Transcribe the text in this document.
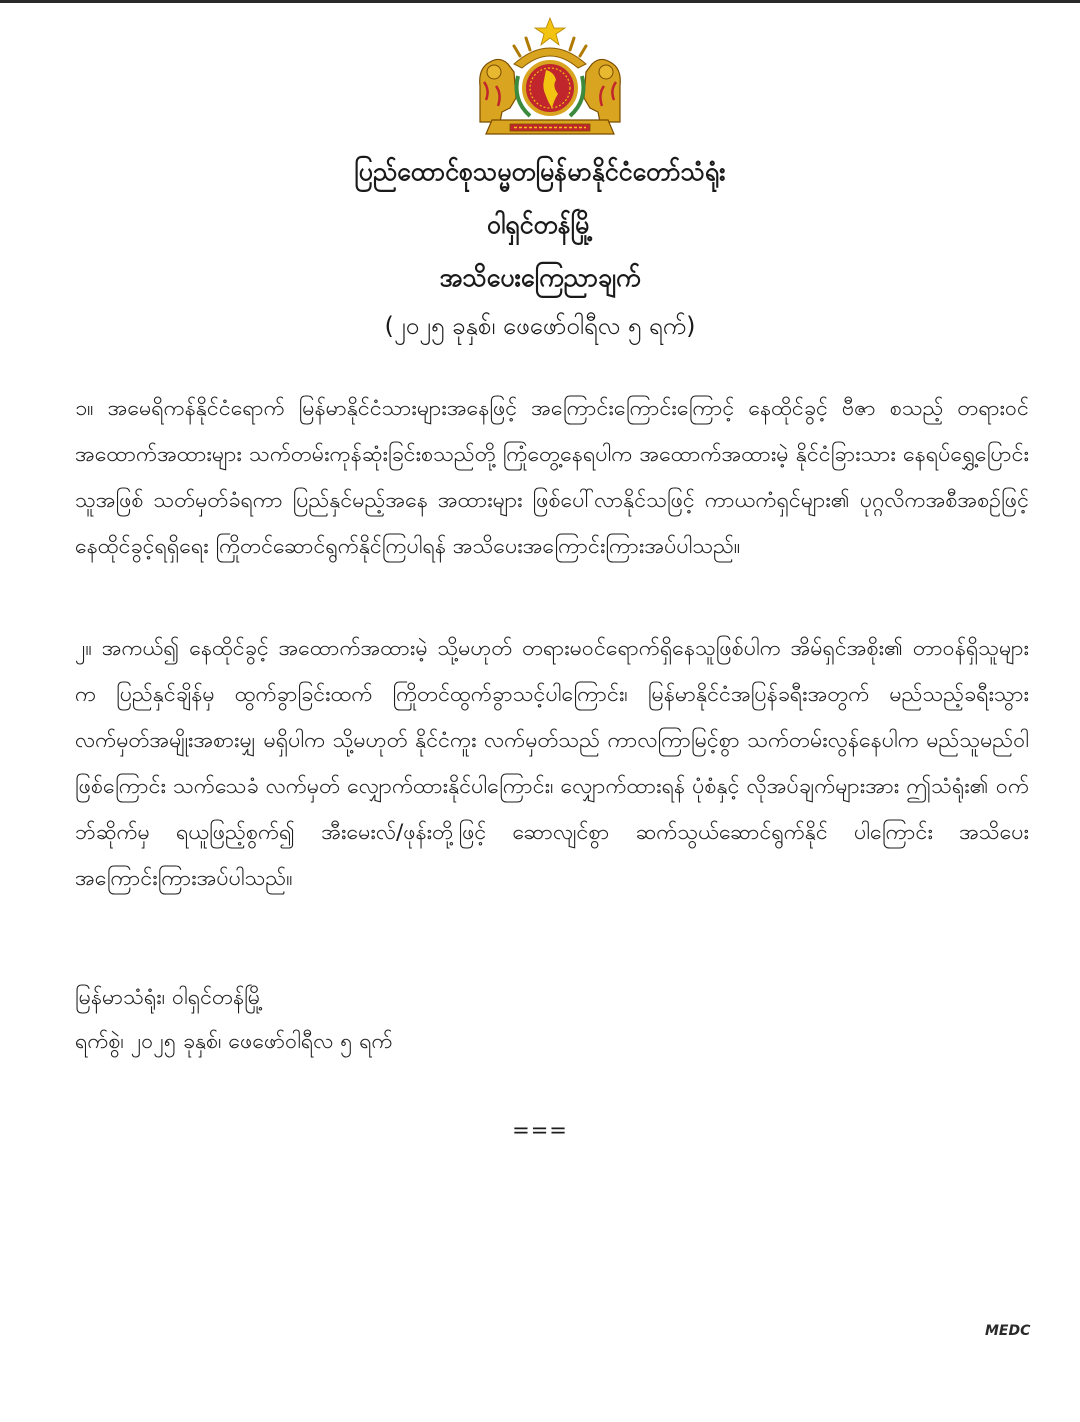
ပြည်ထောင်စုသမ္မတမြန်မာနိုင်ငံတော်သံရုံး
ဝါရှင်တန်မြို့
အသိပေးကြေညာချက်
(၂၀၂၅ ခုနှစ်၊ ဖေဖော်ဝါရီလ ၅ ရက်)
၁။ အမေရိကန်နိုင်ငံရောက် မြန်မာနိုင်ငံသားများအနေဖြင့် အကြောင်းကြောင်းကြောင့် နေထိုင်ခွင့် ဗီဇာ စသည့် တရားဝင်အထောက်အထားများ သက်တမ်းကုန်ဆုံးခြင်းစသည်တို့ ကြုံတွေ့နေရပါက အထောက်အထားမဲ့ နိုင်ငံခြားသား နေရပ်ရွှေ့ပြောင်းသူအဖြစ် သတ်မှတ်ခံရကာ ပြည်နှင်မည့်အနေ အထားများ ဖြစ်ပေါ်လာနိုင်သဖြင့် ကာယကံရှင်များ၏ ပုဂ္ဂလိကအစီအစဉ်ဖြင့် နေထိုင်ခွင့်ရရှိရေး ကြိုတင်ဆောင်ရွက်နိုင်ကြပါရန် အသိပေးအကြောင်းကြားအပ်ပါသည်။
၂။ အကယ်၍ နေထိုင်ခွင့် အထောက်အထားမဲ့ သို့မဟုတ် တရားမဝင်ရောက်ရှိနေသူဖြစ်ပါက အိမ်ရှင်အစိုး၏ တာဝန်ရှိသူများက ပြည်နှင်ချိန်မှ ထွက်ခွာခြင်းထက် ကြိုတင်ထွက်ခွာသင့်ပါကြောင်း၊ မြန်မာနိုင်ငံအပြန်ခရီးအတွက် မည်သည့်ခရီးသွားလက်မှတ်အမျိုးအစားမျှ မရှိပါက သို့မဟုတ် နိုင်ငံကူး လက်မှတ်သည် ကာလကြာမြင့်စွာ သက်တမ်းလွန်နေပါက မည်သူမည်ဝါဖြစ်ကြောင်း သက်သေခံ လက်မှတ် လျှောက်ထားနိုင်ပါကြောင်း၊ လျှောက်ထားရန် ပုံစံနှင့် လိုအပ်ချက်များအား ဤသံရုံး၏ ဝက်ဘ်ဆိုက်မှ ရယူဖြည့်စွက်၍ အီးမေးလ်/ဖုန်းတို့ဖြင့် ဆောလျင်စွာ ဆက်သွယ်ဆောင်ရွက်နိုင် ပါကြောင်း အသိပေးအကြောင်းကြားအပ်ပါသည်။
မြန်မာသံရုံး၊ ဝါရှင်တန်မြို့
ရက်စွဲ၊ ၂၀၂၅ ခုနှစ်၊ ဖေဖော်ဝါရီလ ၅ ရက်
===
MEDC
